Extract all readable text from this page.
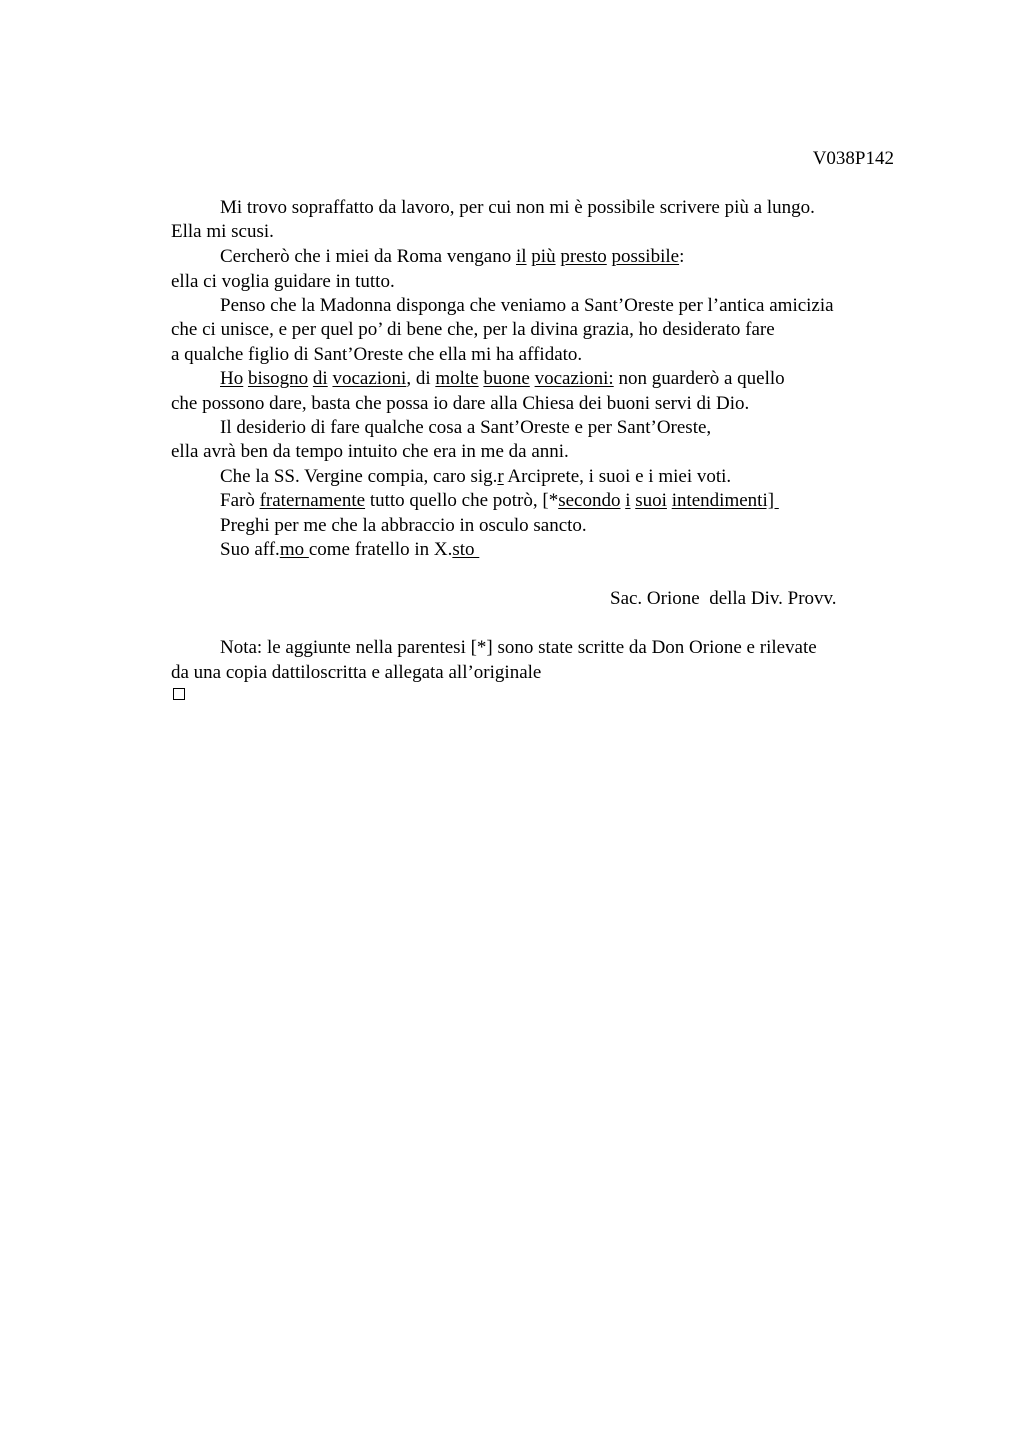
V038P142
Mi trovo sopraffatto da lavoro, per cui non mi è possibile scrivere più a lungo.
Ella mi scusi.
Cercherò che i miei da Roma vengano il più presto possibile:
ella ci voglia guidare in tutto.
Penso che la Madonna disponga che veniamo a Sant’Oreste per l’antica amicizia
che ci unisce, e per quel po’ di bene che, per la divina grazia, ho desiderato fare
a qualche figlio di Sant’Oreste che ella mi ha affidato.
Ho bisogno di vocazioni, di molte buone vocazioni: non guarderò a quello
che possono dare, basta che possa io dare alla Chiesa dei buoni servi di Dio.
Il desiderio di fare qualche cosa a Sant’Oreste e per Sant’Oreste,
ella avrà ben da tempo intuito che era in me da anni.
Che la SS. Vergine compia, caro sig.r Arciprete, i suoi e i miei voti.
Farò fraternamente tutto quello che potrò, [*secondo i suoi intendimenti]
Preghi per me che la abbraccio in osculo sancto.
Suo aff.mo come fratello in X.sto
Sac. Orione  della Div. Provv.
Nota: le aggiunte nella parentesi [*] sono state scritte da Don Orione e rilevate
da una copia dattiloscritta e allegata all’originale
